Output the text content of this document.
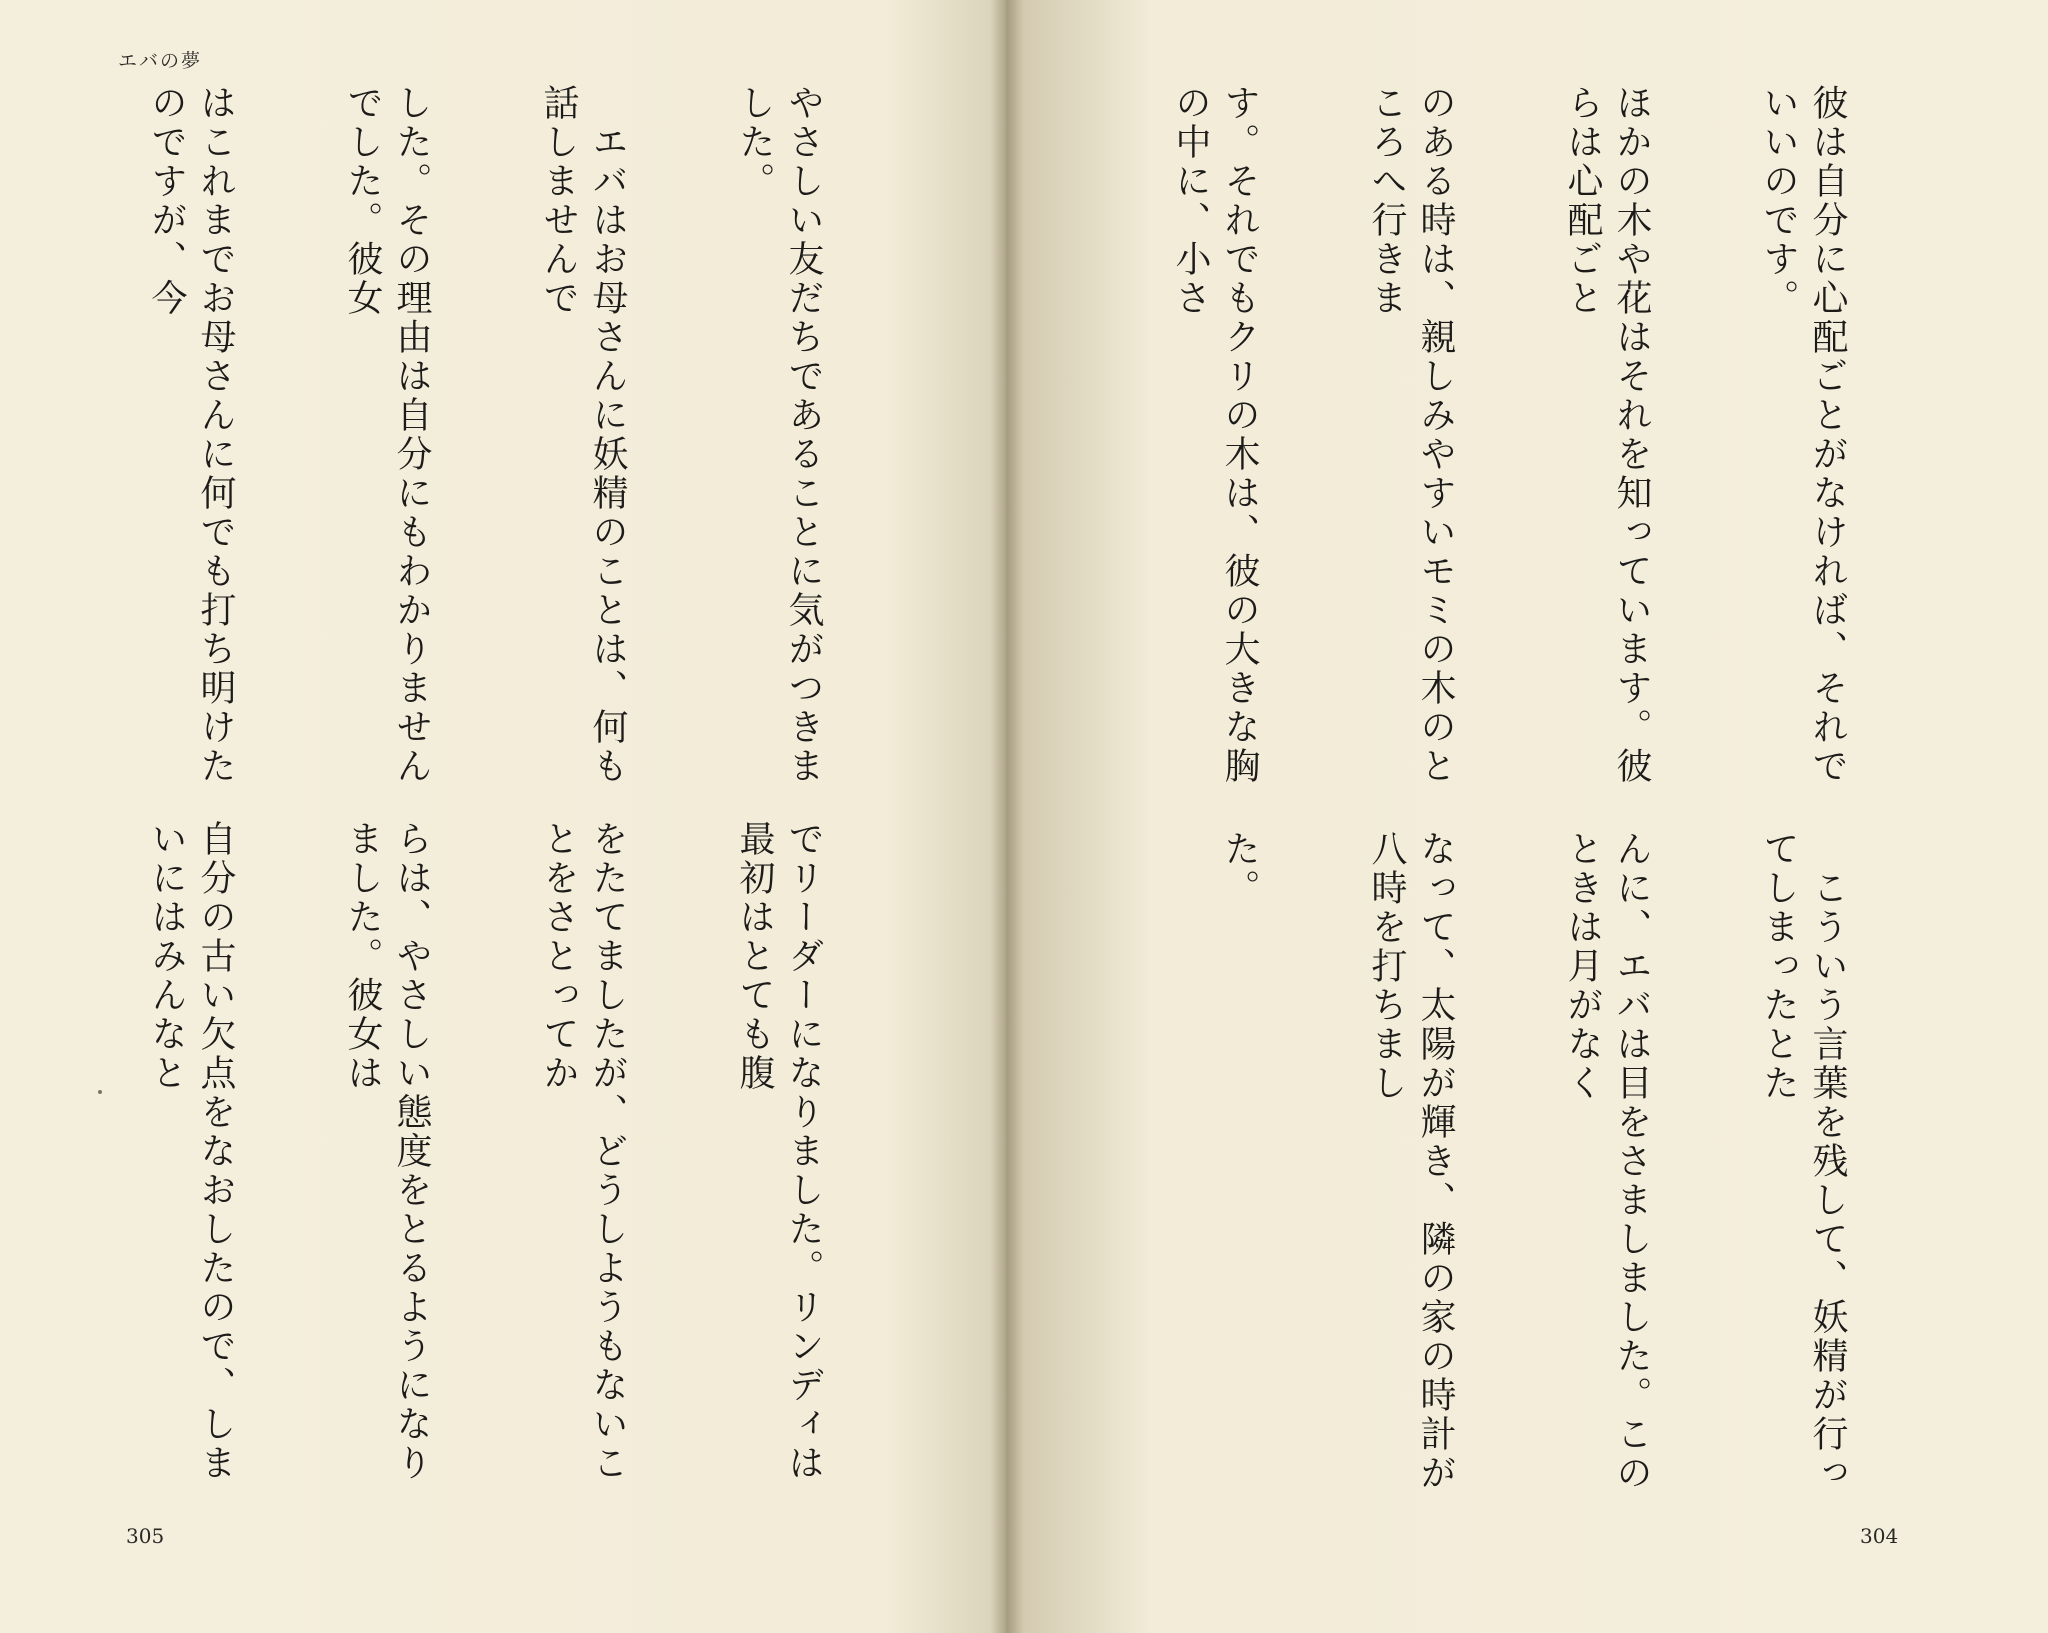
エバの夢

やさしい友だちであることに気がつきました。

　エバはお母さんに妖精のことは、何も話しませんで

した。その理由は自分にもわかりませんでした。彼女

はこれまでお母さんに何でも打ち明けたのですが、今

でリーダーになりました。リンディは最初はとても腹

をたてましたが、どうしようもないことをさとってか

らは、やさしい態度をとるようになりました。彼女は

自分の古い欠点をなおしたので、しまいにはみんなと

305

彼は自分に心配ごとがなければ、それでいいのです。

ほかの木や花はそれを知っています。彼らは心配ごと

のある時は、親しみやすいモミの木のところへ行きま

す。それでもクリの木は、彼の大きな胸の中に、小さ

　こういう言葉を残して、妖精が行ってしまったとた

んに、エバは目をさましました。このときは月がなく

なって、太陽が輝き、隣の家の時計が八時を打ちまし

た。

304
